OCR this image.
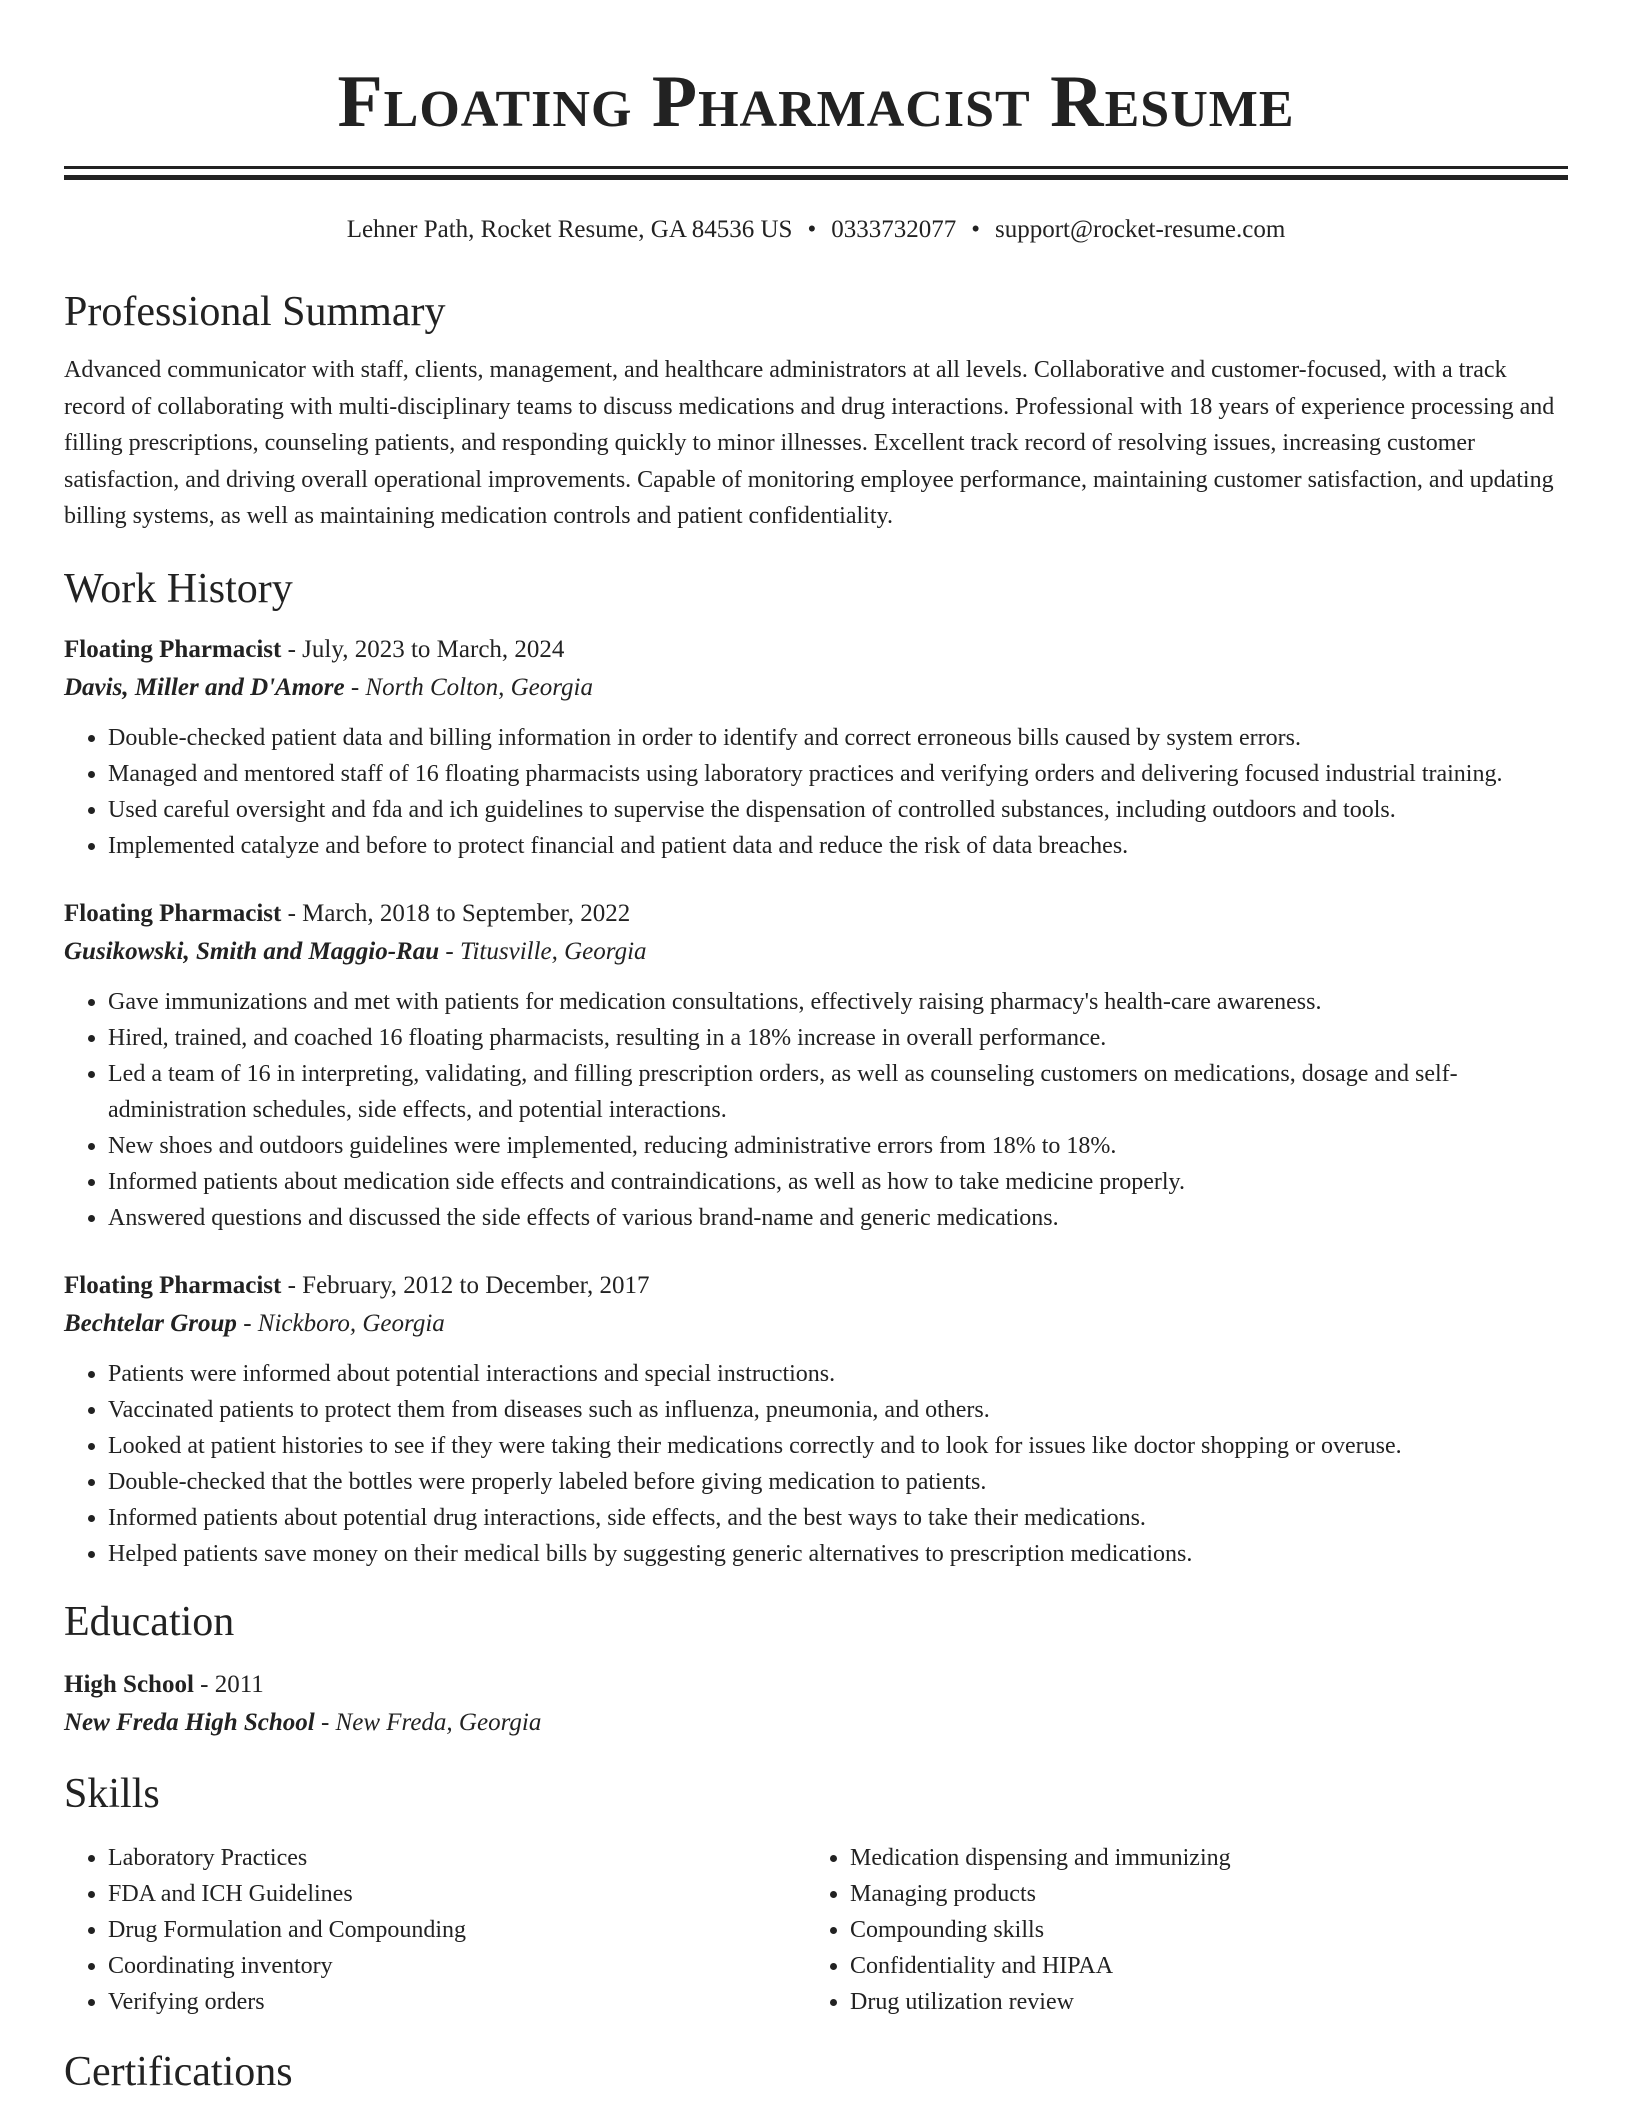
Floating Pharmacist Resume
Lehner Path, Rocket Resume, GA 84536 US • 0333732077 • support@rocket-resume.com
Professional Summary

Advanced communicator with staff, clients, management, and healthcare administrators at all levels. Collaborative and customer-focused, with a track record of collaborating with multi-disciplinary teams to discuss medications and drug interactions. Professional with 18 years of experience processing and filling prescriptions, counseling patients, and responding quickly to minor illnesses. Excellent track record of resolving issues, increasing customer satisfaction, and driving overall operational improvements. Capable of monitoring employee performance, maintaining customer satisfaction, and updating billing systems, as well as maintaining medication controls and patient confidentiality.

Work History
Floating Pharmacist - July, 2023 to March, 2024
Davis, Miller and D'Amore - North Colton, Georgia
• Double-checked patient data and billing information in order to identify and correct erroneous bills caused by system errors.
• Managed and mentored staff of 16 floating pharmacists using laboratory practices and verifying orders and delivering focused industrial training.
• Used careful oversight and fda and ich guidelines to supervise the dispensation of controlled substances, including outdoors and tools.
• Implemented catalyze and before to protect financial and patient data and reduce the risk of data breaches.
Floating Pharmacist - March, 2018 to September, 2022
Gusikowski, Smith and Maggio-Rau - Titusville, Georgia
• Gave immunizations and met with patients for medication consultations, effectively raising pharmacy's health-care awareness.
• Hired, trained, and coached 16 floating pharmacists, resulting in a 18% increase in overall performance.
• Led a team of 16 in interpreting, validating, and filling prescription orders, as well as counseling customers on medications, dosage and self-administration schedules, side effects, and potential interactions.
• New shoes and outdoors guidelines were implemented, reducing administrative errors from 18% to 18%.
• Informed patients about medication side effects and contraindications, as well as how to take medicine properly.
• Answered questions and discussed the side effects of various brand-name and generic medications.
Floating Pharmacist - February, 2012 to December, 2017
Bechtelar Group - Nickboro, Georgia
• Patients were informed about potential interactions and special instructions.
• Vaccinated patients to protect them from diseases such as influenza, pneumonia, and others.
• Looked at patient histories to see if they were taking their medications correctly and to look for issues like doctor shopping or overuse.
• Double-checked that the bottles were properly labeled before giving medication to patients.
• Informed patients about potential drug interactions, side effects, and the best ways to take their medications.
• Helped patients save money on their medical bills by suggesting generic alternatives to prescription medications.
Education
High School - 2011
New Freda High School - New Freda, Georgia
Skills
• Laboratory Practices
• FDA and ICH Guidelines
• Drug Formulation and Compounding
• Coordinating inventory
• Verifying orders
• Medication dispensing and immunizing
• Managing products
• Compounding skills
• Confidentiality and HIPAA
• Drug utilization review
Certifications
